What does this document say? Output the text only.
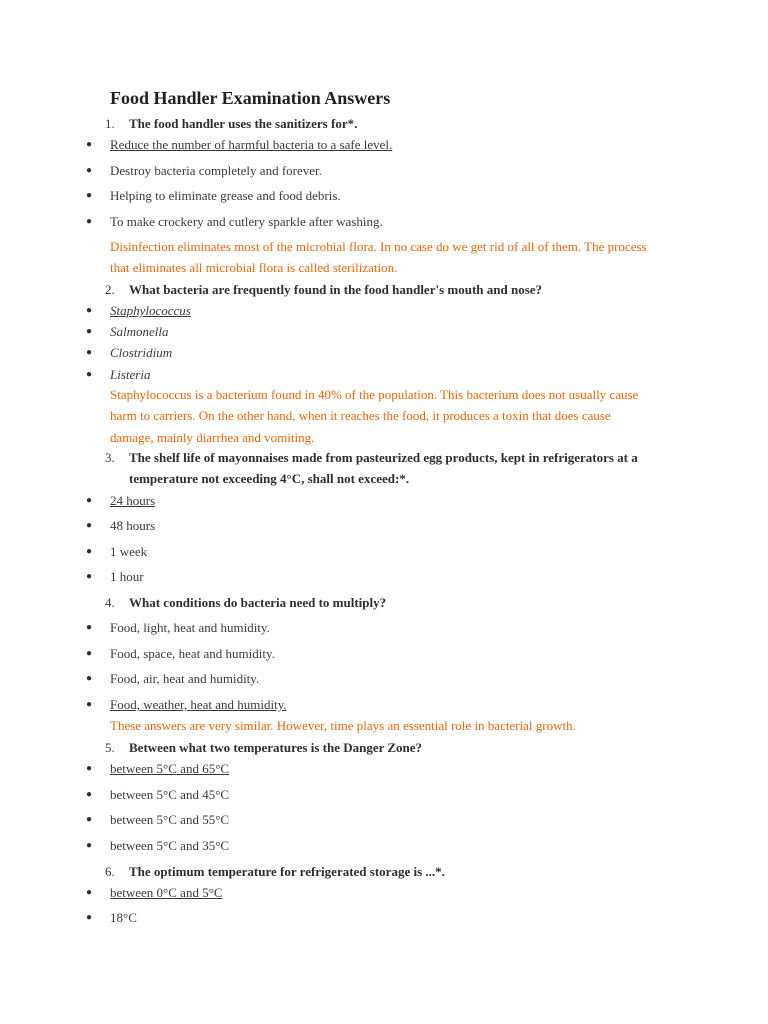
Food Handler Examination Answers
1. The food handler uses the sanitizers for*.
● Reduce the number of harmful bacteria to a safe level.
● Destroy bacteria completely and forever.
● Helping to eliminate grease and food debris.
● To make crockery and cutlery sparkle after washing.
Disinfection eliminates most of the microbial flora. In no case do we get rid of all of them. The process that eliminates all microbial flora is called sterilization.
2. What bacteria are frequently found in the food handler's mouth and nose?
● Staphylococcus
● Salmonella
● Clostridium
● Listeria
Staphylococcus is a bacterium found in 40% of the population. This bacterium does not usually cause harm to carriers. On the other hand, when it reaches the food, it produces a toxin that does cause damage, mainly diarrhea and vomiting.
3. The shelf life of mayonnaises made from pasteurized egg products, kept in refrigerators at a temperature not exceeding 4°C, shall not exceed:*.
● 24 hours
● 48 hours
● 1 week
● 1 hour
4. What conditions do bacteria need to multiply?
● Food, light, heat and humidity.
● Food, space, heat and humidity.
● Food, air, heat and humidity.
● Food, weather, heat and humidity.
These answers are very similar. However, time plays an essential role in bacterial growth.
5. Between what two temperatures is the Danger Zone?
● between 5°C and 65°C
● between 5°C and 45°C
● between 5°C and 55°C
● between 5°C and 35°C
6. The optimum temperature for refrigerated storage is ...*.
● between 0°C and 5°C
● 18°C
